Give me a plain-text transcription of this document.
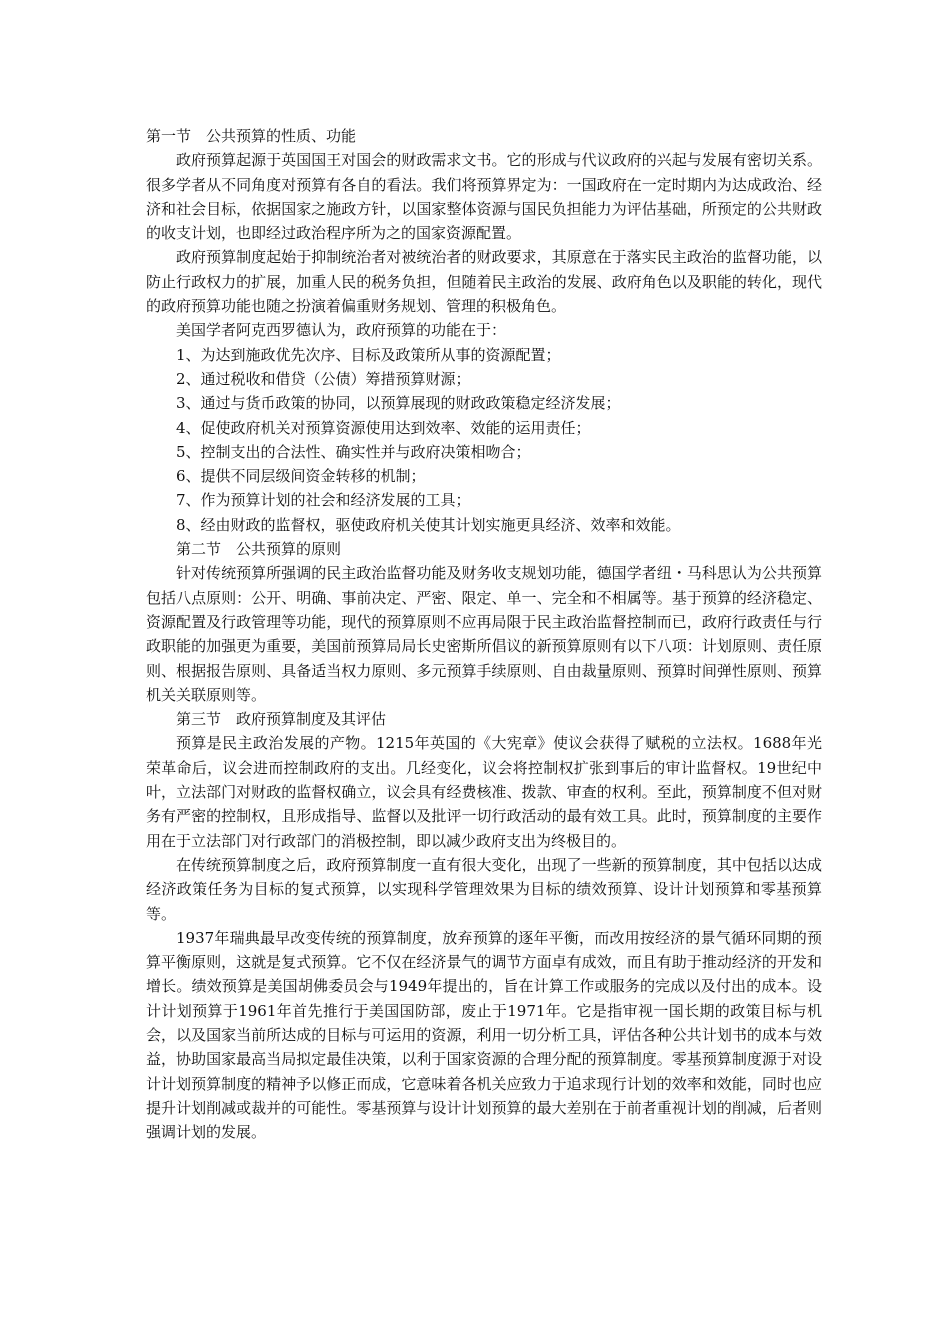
第一节　公共预算的性质、功能

政府预算起源于英国国王对国会的财政需求文书。它的形成与代议政府的兴起与发展有密切关系。很多学者从不同角度对预算有各自的看法。我们将预算界定为：一国政府在一定时期内为达成政治、经济和社会目标，依据国家之施政方针，以国家整体资源与国民负担能力为评估基础，所预定的公共财政的收支计划，也即经过政治程序所为之的国家资源配置。

政府预算制度起始于抑制统治者对被统治者的财政要求，其原意在于落实民主政治的监督功能，以防止行政权力的扩展，加重人民的税务负担，但随着民主政治的发展、政府角色以及职能的转化，现代的政府预算功能也随之扮演着偏重财务规划、管理的积极角色。

美国学者阿克西罗德认为，政府预算的功能在于：

1、为达到施政优先次序、目标及政策所从事的资源配置；

2、通过税收和借贷（公债）筹措预算财源；

3、通过与货币政策的协同，以预算展现的财政政策稳定经济发展；

4、促使政府机关对预算资源使用达到效率、效能的运用责任；

5、控制支出的合法性、确实性并与政府决策相吻合；

6、提供不同层级间资金转移的机制；

7、作为预算计划的社会和经济发展的工具；

8、经由财政的监督权，驱使政府机关使其计划实施更具经济、效率和效能。

第二节　公共预算的原则

针对传统预算所强调的民主政治监督功能及财务收支规划功能，德国学者纽・马科思认为公共预算包括八点原则：公开、明确、事前决定、严密、限定、单一、完全和不相属等。基于预算的经济稳定、资源配置及行政管理等功能，现代的预算原则不应再局限于民主政治监督控制而已，政府行政责任与行政职能的加强更为重要，美国前预算局局长史密斯所倡议的新预算原则有以下八项：计划原则、责任原则、根据报告原则、具备适当权力原则、多元预算手续原则、自由裁量原则、预算时间弹性原则、预算机关关联原则等。

第三节　政府预算制度及其评估

预算是民主政治发展的产物。1215年英国的《大宪章》使议会获得了赋税的立法权。1688年光荣革命后，议会进而控制政府的支出。几经变化，议会将控制权扩张到事后的审计监督权。19世纪中叶，立法部门对财政的监督权确立，议会具有经费核准、拨款、审查的权利。至此，预算制度不但对财务有严密的控制权，且形成指导、监督以及批评一切行政活动的最有效工具。此时，预算制度的主要作用在于立法部门对行政部门的消极控制，即以减少政府支出为终极目的。

在传统预算制度之后，政府预算制度一直有很大变化，出现了一些新的预算制度，其中包括以达成经济政策任务为目标的复式预算，以实现科学管理效果为目标的绩效预算、设计计划预算和零基预算等。

1937年瑞典最早改变传统的预算制度，放弃预算的逐年平衡，而改用按经济的景气循环同期的预算平衡原则，这就是复式预算。它不仅在经济景气的调节方面卓有成效，而且有助于推动经济的开发和增长。绩效预算是美国胡佛委员会与1949年提出的，旨在计算工作或服务的完成以及付出的成本。设计计划预算于1961年首先推行于美国国防部，废止于1971年。它是指审视一国长期的政策目标与机会，以及国家当前所达成的目标与可运用的资源，利用一切分析工具，评估各种公共计划书的成本与效益，协助国家最高当局拟定最佳决策，以利于国家资源的合理分配的预算制度。零基预算制度源于对设计计划预算制度的精神予以修正而成，它意味着各机关应致力于追求现行计划的效率和效能，同时也应提升计划削减或裁并的可能性。零基预算与设计计划预算的最大差别在于前者重视计划的削减，后者则强调计划的发展。
